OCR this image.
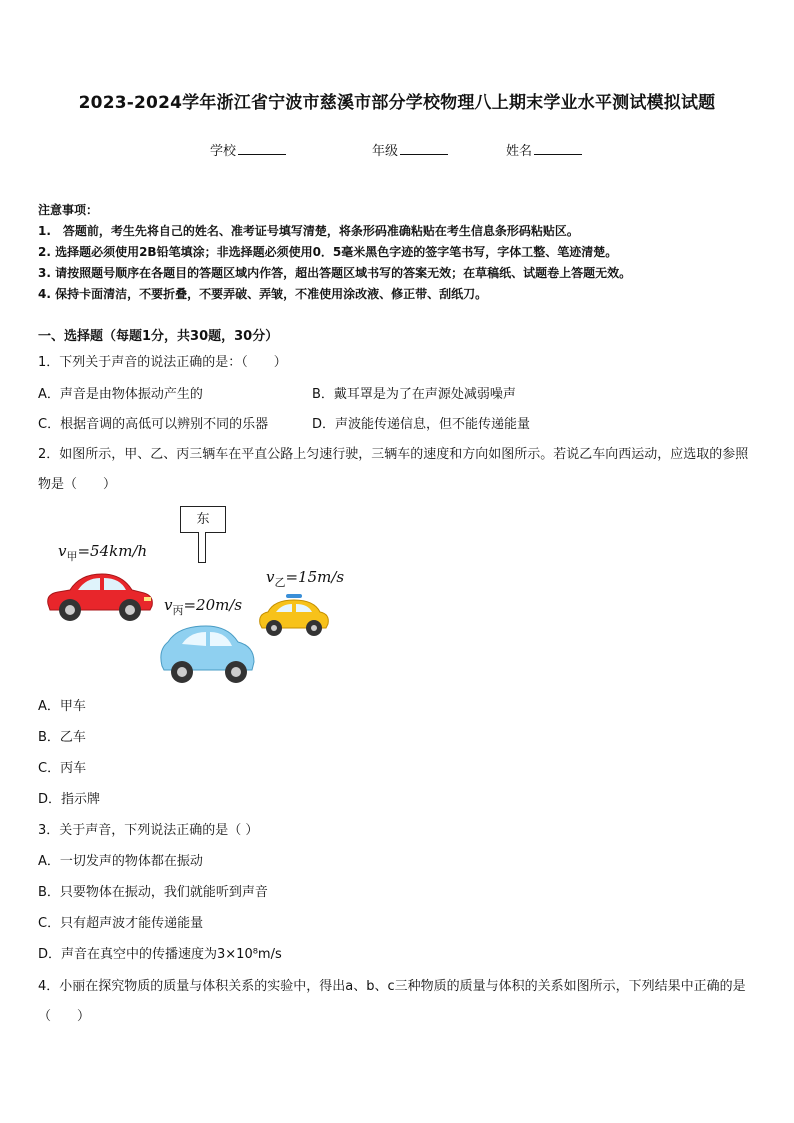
2023-2024学年浙江省宁波市慈溪市部分学校物理八上期末学业水平测试模拟试题
学校	年级	姓名
注意事项：
1.　答题前，考生先将自己的姓名、准考证号填写清楚，将条形码准确粘贴在考生信息条形码粘贴区。
2. 选择题必须使用2B铅笔填涂；非选择题必须使用0．5毫米黑色字迹的签字笔书写，字体工整、笔迹清楚。
3. 请按照题号顺序在各题目的答题区域内作答，超出答题区域书写的答案无效；在草稿纸、试题卷上答题无效。
4. 保持卡面清洁，不要折叠，不要弄破、弄皱，不准使用涂改液、修正带、刮纸刀。
一、选择题（每题1分，共30题，30分）
1．下列关于声音的说法正确的是：（　　）
A．声音是由物体振动产生的	B．戴耳罩是为了在声源处减弱噪声
C．根据音调的高低可以辨别不同的乐器	D．声波能传递信息，但不能传递能量
2．如图所示，甲、乙、丙三辆车在平直公路上匀速行驶，三辆车的速度和方向如图所示。若说乙车向西运动，应选取的参照物是（　　）
东
$v_甲=54km/h$
$v_丙=20m/s$
$v_乙=15m/s$
A．甲车
B．乙车
C．丙车
D．指示牌
3．关于声音，下列说法正确的是（ ）
A．一切发声的物体都在振动
B．只要物体在振动，我们就能听到声音
C．只有超声波才能传递能量
D．声音在真空中的传播速度为3×10⁸m/s
4．小丽在探究物质的质量与体积关系的实验中，得出a、b、c三种物质的质量与体积的关系如图所示，下列结果中正确的是（　　）
